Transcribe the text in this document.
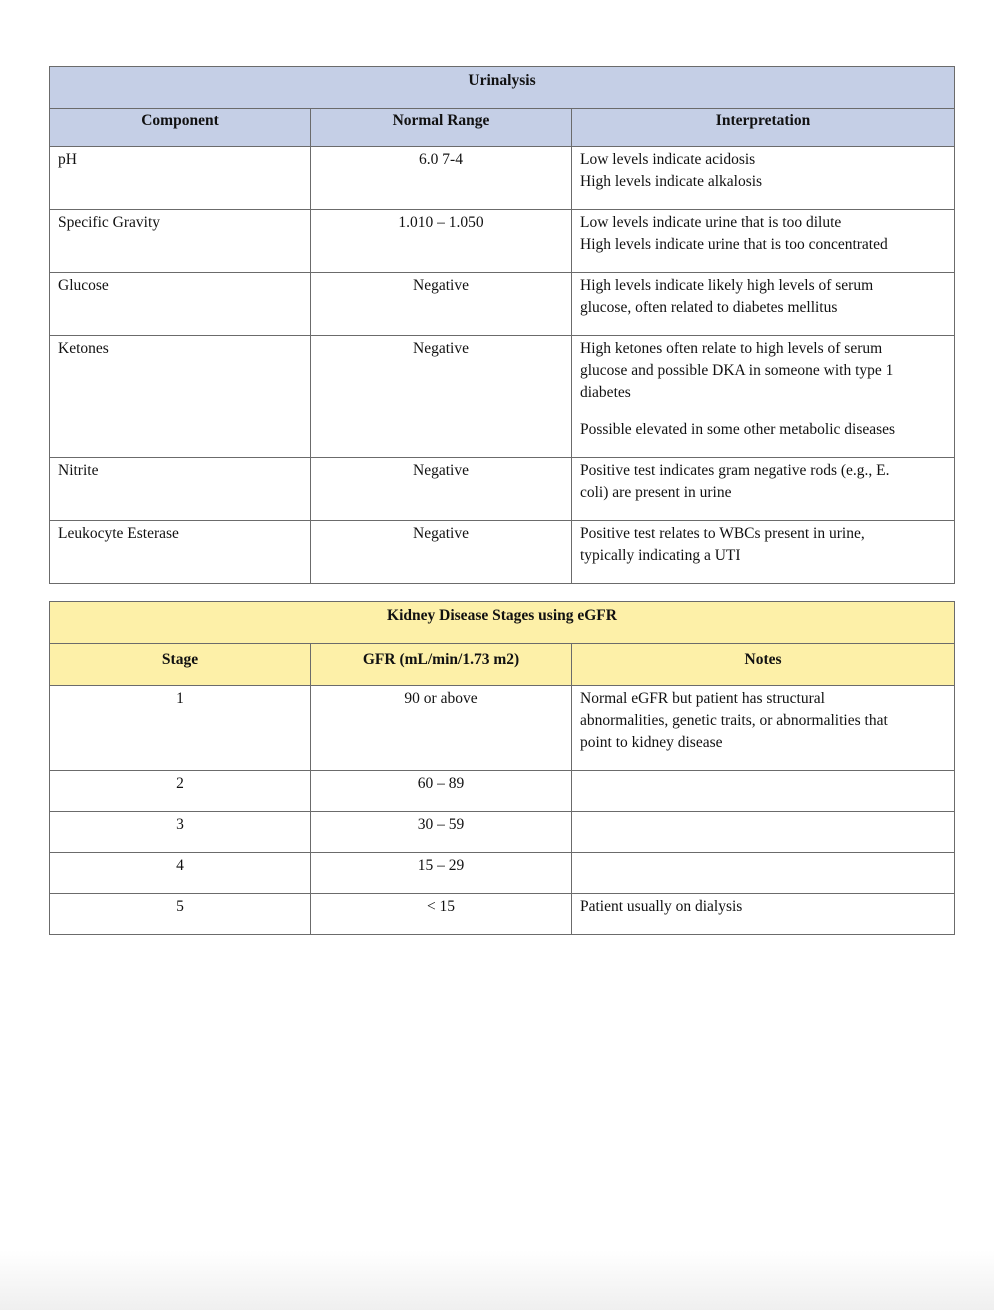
Urinalysis		
Component	Normal Range	Interpretation
pH	6.0 7-4	Low levels indicate acidosis
High levels indicate alkalosis

Specific Gravity	1.010 – 1.050	Low levels indicate urine that is too dilute
High levels indicate urine that is too concentrated

Glucose	Negative	High levels indicate likely high levels of serum
glucose, often related to diabetes mellitus

Ketones	Negative	High ketones often relate to high levels of serum
glucose and possible DKA in someone with type 1
diabetes
Possible elevated in some other metabolic diseases

Nitrite	Negative	Positive test indicates gram negative rods (e.g., E.
coli) are present in urine

Leukocyte Esterase	Negative	Positive test relates to WBCs present in urine,
typically indicating a UTI
Kidney Disease Stages using eGFR		
Stage	GFR (mL/min/1.73 m2)	Notes
1	90 or above	Normal eGFR but patient has structural
abnormalities, genetic traits, or abnormalities that
point to kidney disease

2	60 – 89	
3	30 – 59	
4	15 – 29	
5	< 15	Patient usually on dialysis
